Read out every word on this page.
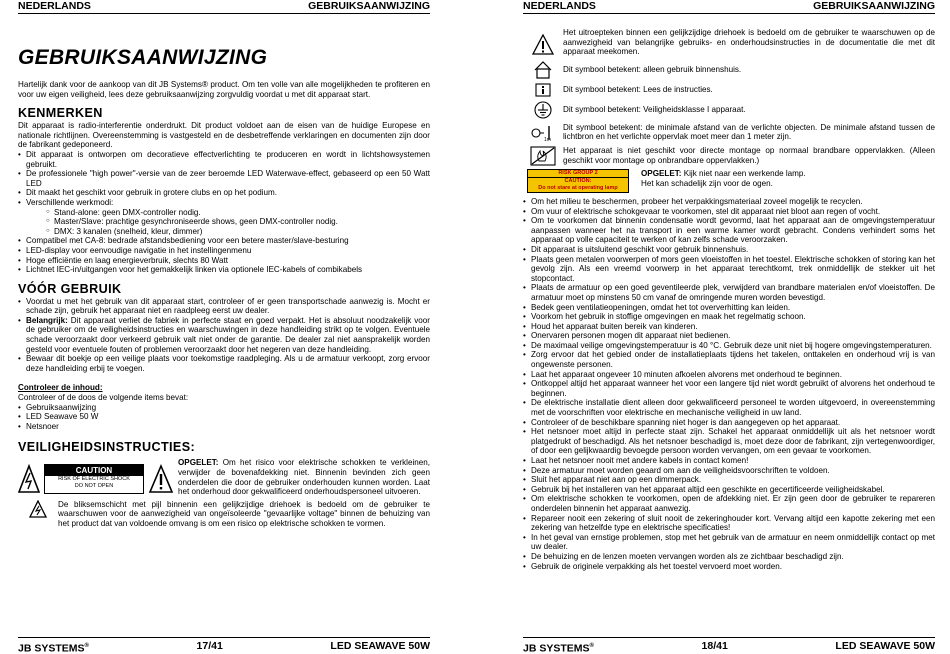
NEDERLANDS	GEBRUIKSAANWIJZING
GEBRUIKSAANWIJZING

Hartelijk dank voor de aankoop van dit JB Systems® product. Om ten volle van alle mogelijkheden te profiteren en voor uw eigen veiligheid, lees deze gebruiksaanwijzing zorgvuldig voordat u met dit apparaat start.

KENMERKEN

Dit apparaat is radio-interferentie onderdrukt. Dit product voldoet aan de eisen van de huidige Europese en nationale richtlijnen. Overeenstemming is vastgesteld en de desbetreffende verklaringen en documenten zijn door de fabrikant gedeponeerd.

• Dit apparaat is ontworpen om decoratieve effectverlichting te produceren en wordt in lichtshowsystemen gebruikt.
• De professionele "high power"-versie van de zeer beroemde LED Waterwave-effect, gebaseerd op een 50 Watt LED
• Dit maakt het geschikt voor gebruik in grotere clubs en op het podium.
• Verschillende werkmodi:
○ Stand-alone: geen DMX-controller nodig.
○ Master/Slave: prachtige gesynchroniseerde shows, geen DMX-controller nodig.
○ DMX: 3 kanalen (snelheid, kleur, dimmer)
• Compatibel met CA-8: bedrade afstandsbediening voor een betere master/slave-besturing
• LED-display voor eenvoudige navigatie in het instellingenmenu
• Hoge efficiëntie en laag energieverbruik, slechts 80 Watt
• Lichtnet IEC-in/uitgangen voor het gemakkelijk linken via optionele IEC-kabels of combikabels
VÓÓR GEBRUIK
• Voordat u met het gebruik van dit apparaat start, controleer of er geen transportschade aanwezig is. Mocht er schade zijn, gebruik het apparaat niet en raadpleeg eerst uw dealer.
• Belangrijk: Dit apparaat verliet de fabriek in perfecte staat en goed verpakt. Het is absoluut noodzakelijk voor de gebruiker om de veiligheidsinstructies en waarschuwingen in deze handleiding strikt op te volgen. Eventuele schade veroorzaakt door verkeerd gebruik valt niet onder de garantie. De dealer zal niet aansprakelijk worden gesteld voor eventuele fouten of problemen veroorzaakt door het negeren van deze handleiding.
• Bewaar dit boekje op een veilige plaats voor toekomstige raadpleging. Als u de armatuur verkoopt, zorg ervoor deze handleiding erbij te voegen.
Controleer de inhoud:
Controleer of de doos de volgende items bevat:
• Gebruiksaanwijzing
• LED Seawave 50 W
• Netsnoer
VEILIGHEIDSINSTRUCTIES:
CAUTION
RISK OF ELECTRIC SHOCK
DO NOT OPEN

OPGELET: Om het risico voor elektrische schokken te verkleinen, verwijder de bovenafdekking niet. Binnenin bevinden zich geen onderdelen die door de gebruiker onderhouden kunnen worden. Laat het onderhoud door gekwalificeerd onderhoudspersoneel uitvoeren.

De bliksemschicht met pijl binnenin een gelijkzijdige driehoek is bedoeld om de gebruiker te waarschuwen voor de aanwezigheid van ongeïsoleerde "gevaarlijke voltage" binnen de behuizing van het product dat van voldoende omvang is om een risico op elektrische schokken te vormen.

JB SYSTEMS®	17/41	LED SEAWAVE 50W
NEDERLANDS	GEBRUIKSAANWIJZING

Het uitroepteken binnen een gelijkzijdige driehoek is bedoeld om de gebruiker te waarschuwen op de aanwezigheid van belangrijke gebruiks- en onderhoudsinstructies in de documentatie die met dit apparaat meekomen.

Dit symbool betekent: alleen gebruik binnenshuis.

Dit symbool betekent: Lees de instructies.

Dit symbool betekent: Veiligheidsklasse I apparaat.

1m

Dit symbool betekent: de minimale afstand van de verlichte objecten. De minimale afstand tussen de lichtbron en het verlichte oppervlak moet meer dan 1 meter zijn.

Het apparaat is niet geschikt voor directe montage op normaal brandbare oppervlakken. (Alleen geschikt voor montage op onbrandbare oppervlakken.)

RISK GROUP 2
CAUTION:
Do not stare at operating lamp
OPGELET: Kijk niet naar een werkende lamp.
Het kan schadelijk zijn voor de ogen.
• Om het milieu te beschermen, probeer het verpakkingsmateriaal zoveel mogelijk te recyclen.
• Om vuur of elektrische schokgevaar te voorkomen, stel dit apparaat niet bloot aan regen of vocht.
• Om te voorkomen dat binnenin condensatie wordt gevormd, laat het apparaat aan de omgevingstemperatuur aanpassen wanneer het na transport in een warme kamer wordt gebracht. Condens verhindert soms het apparaat op volle capaciteit te werken of kan zelfs schade veroorzaken.
• Dit apparaat is uitsluitend geschikt voor gebruik binnenshuis.
• Plaats geen metalen voorwerpen of mors geen vloeistoffen in het toestel. Elektrische schokken of storing kan het gevolg zijn. Als een vreemd voorwerp in het apparaat terechtkomt, trek onmiddellijk de stekker uit het stopcontact.
• Plaats de armatuur op een goed geventileerde plek, verwijderd van brandbare materialen en/of vloeistoffen. De armatuur moet op minstens 50 cm vanaf de omringende muren worden bevestigd.
• Bedek geen ventilatieopeningen, omdat het tot oververhitting kan leiden.
• Voorkom het gebruik in stoffige omgevingen en maak het regelmatig schoon.
• Houd het apparaat buiten bereik van kinderen.
• Onervaren personen mogen dit apparaat niet bedienen.
• De maximaal veilige omgevingstemperatuur is 40 °C. Gebruik deze unit niet bij hogere omgevingstemperaturen.
• Zorg ervoor dat het gebied onder de installatieplaats tijdens het takelen, onttakelen en onderhoud vrij is van ongewenste personen.
• Laat het apparaat ongeveer 10 minuten afkoelen alvorens met onderhoud te beginnen.
• Ontkoppel altijd het apparaat wanneer het voor een langere tijd niet wordt gebruikt of alvorens het onderhoud te beginnen.
• De elektrische installatie dient alleen door gekwalificeerd personeel te worden uitgevoerd, in overeenstemming met de voorschriften voor elektrische en mechanische veiligheid in uw land.
• Controleer of de beschikbare spanning niet hoger is dan aangegeven op het apparaat.
• Het netsnoer moet altijd in perfecte staat zijn. Schakel het apparaat onmiddellijk uit als het netsnoer wordt platgedrukt of beschadigd. Als het netsnoer beschadigd is, moet deze door de fabrikant, zijn vertegenwoordiger, of door een gelijkwaardig bevoegde persoon worden vervangen, om een gevaar te voorkomen.
• Laat het netsnoer nooit met andere kabels in contact komen!
• Deze armatuur moet worden geaard om aan de veiligheidsvoorschriften te voldoen.
• Sluit het apparaat niet aan op een dimmerpack.
• Gebruik bij het installeren van het apparaat altijd een geschikte en gecertificeerde veiligheidskabel.
• Om elektrische schokken te voorkomen, open de afdekking niet. Er zijn geen door de gebruiker te repareren onderdelen binnenin het apparaat aanwezig.
• Repareer nooit een zekering of sluit nooit de zekeringhouder kort. Vervang altijd een kapotte zekering met een zekering van hetzelfde type en elektrische specificaties!
• In het geval van ernstige problemen, stop met het gebruik van de armatuur en neem onmiddellijk contact op met uw dealer.
• De behuizing en de lenzen moeten vervangen worden als ze zichtbaar beschadigd zijn.
• Gebruik de originele verpakking als het toestel vervoerd moet worden.
JB SYSTEMS®	18/41	LED SEAWAVE 50W
